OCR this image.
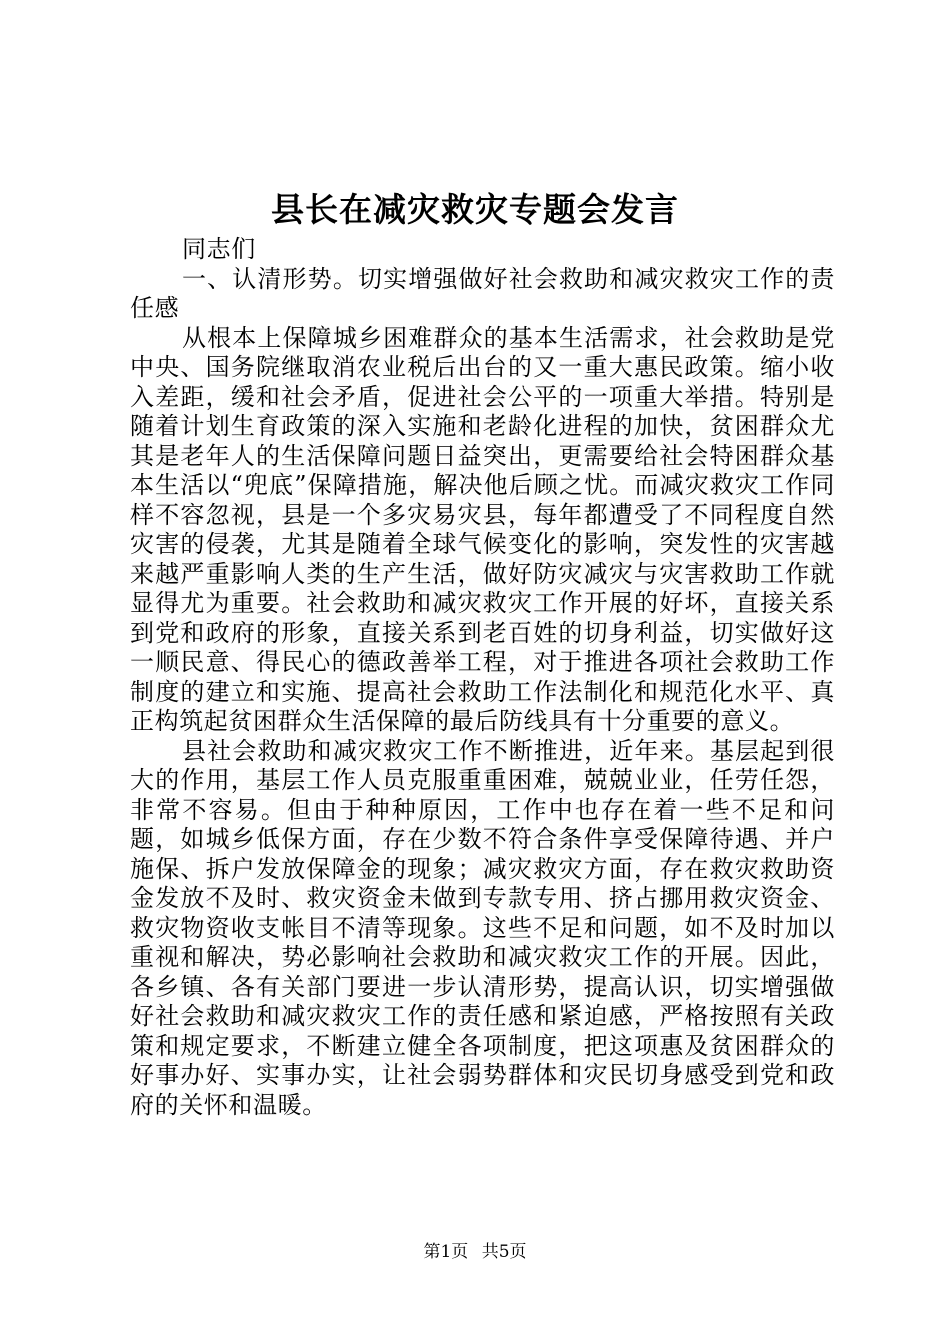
县长在减灾救灾专题会发言

同志们

一、认清形势。切实增强做好社会救助和减灾救灾工作的责任感

从根本上保障城乡困难群众的基本生活需求，社会救助是党中央、国务院继取消农业税后出台的又一重大惠民政策。缩小收入差距，缓和社会矛盾，促进社会公平的一项重大举措。特别是随着计划生育政策的深入实施和老龄化进程的加快，贫困群众尤其是老年人的生活保障问题日益突出，更需要给社会特困群众基本生活以“兜底”保障措施，解决他后顾之忧。而减灾救灾工作同样不容忽视，县是一个多灾易灾县，每年都遭受了不同程度自然灾害的侵袭，尤其是随着全球气候变化的影响，突发性的灾害越来越严重影响人类的生产生活，做好防灾减灾与灾害救助工作就显得尤为重要。社会救助和减灾救灾工作开展的好坏，直接关系到党和政府的形象，直接关系到老百姓的切身利益，切实做好这一顺民意、得民心的德政善举工程，对于推进各项社会救助工作制度的建立和实施、提高社会救助工作法制化和规范化水平、真正构筑起贫困群众生活保障的最后防线具有十分重要的意义。

县社会救助和减灾救灾工作不断推进，近年来。基层起到很大的作用，基层工作人员克服重重困难，兢兢业业，任劳任怨，非常不容易。但由于种种原因，工作中也存在着一些不足和问题，如城乡低保方面，存在少数不符合条件享受保障待遇、并户施保、拆户发放保障金的现象；减灾救灾方面，存在救灾救助资金发放不及时、救灾资金未做到专款专用、挤占挪用救灾资金、救灾物资收支帐目不清等现象。这些不足和问题，如不及时加以重视和解决，势必影响社会救助和减灾救灾工作的开展。因此，各乡镇、各有关部门要进一步认清形势，提高认识，切实增强做好社会救助和减灾救灾工作的责任感和紧迫感，严格按照有关政策和规定要求，不断建立健全各项制度，把这项惠及贫困群众的好事办好、实事办实，让社会弱势群体和灾民切身感受到党和政府的关怀和温暖。

第1页 共5页
